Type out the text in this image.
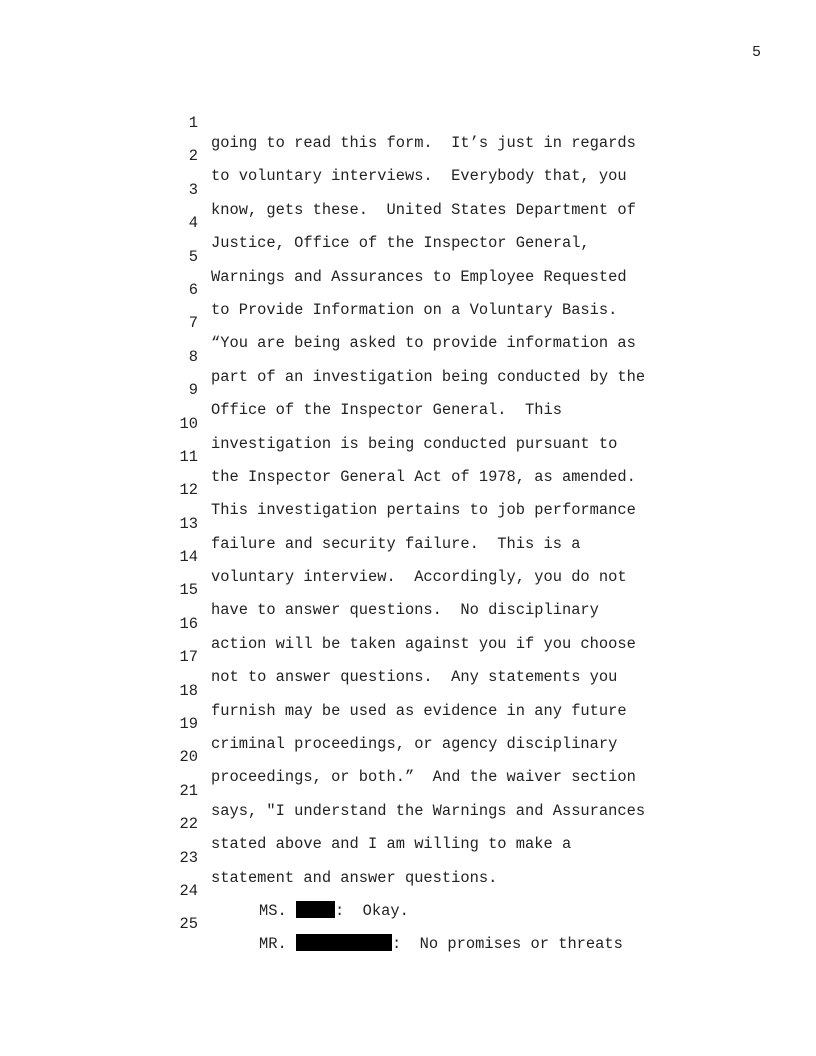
5

1

going to read this form.  It’s just in regards

2

to voluntary interviews.  Everybody that, you

3

know, gets these.  United States Department of

4

Justice, Office of the Inspector General,

5

Warnings and Assurances to Employee Requested

6

to Provide Information on a Voluntary Basis.

7

“You are being asked to provide information as

8

part of an investigation being conducted by the

9

Office of the Inspector General.  This

10

investigation is being conducted pursuant to

11

the Inspector General Act of 1978, as amended.

12

This investigation pertains to job performance

13

failure and security failure.  This is a

14

voluntary interview.  Accordingly, you do not

15

have to answer questions.  No disciplinary

16

action will be taken against you if you choose

17

not to answer questions.  Any statements you

18

furnish may be used as evidence in any future

19

criminal proceedings, or agency disciplinary

20

proceedings, or both.”  And the waiver section

21

says, "I understand the Warnings and Assurances

22

stated above and I am willing to make a

23

statement and answer questions.

24

MS.	:  Okay.

25

MR.	:  No promises or threats
